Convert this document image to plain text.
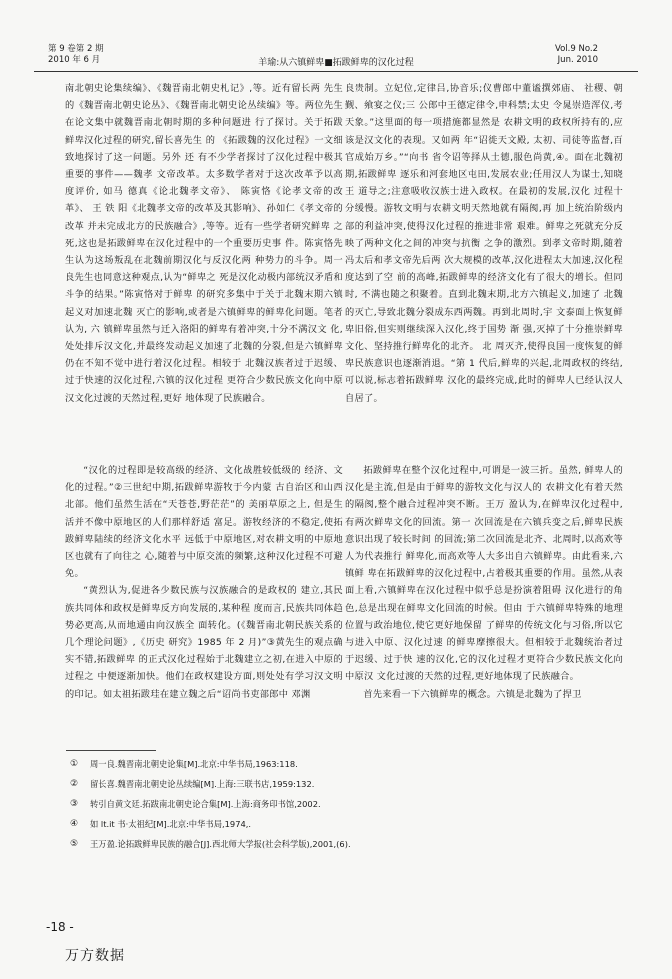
第 9 卷第 2 期
2010 年 6 月	羊瑜:从六镇鲜卑■拓跋鲜卑的汉化过程
Vol.9 No.2
Jun. 2010

南北朝史论集续编》、《魏晋南北朝史札记》,等。近有留长两 先生的《魏晋南北朝史论丛》、《魏晋南北朝史论丛续编》等。两位先生在论文集中就魏晋南北朝时期的多种问题进 行了探讨。关于拓跋鲜卑汉化过程的研究,留长喜先生 的 《拓跋魏的汉化过程》一文细致地探讨了这一问题。另外 还 有不少学者探讨了汉化过程中极其重要的事件——魏孝 文帝改革。太多数学者对于这次改革予以高度评价, 如马 德真《论北魏孝文帝》、 陈寅恪《论孝文帝的改革》、 王 铁 阳《北魏孝文帝的改革及其影响》、孙如仁《孝文帝的改革 并未完成北方的民族融合》,等等。近有一些学者研究鲜卑 之死,这也是拓跋鲜卑在汉化过程中的一个重要历史事 件。陈寅恪先生认为这场叛乱在北魏前期汉化与反汉化两 种势力的斗争。周一良先生也同意这种观点,认为“鲜卑之 死是汉化动极内部统汉矛盾和斗争的结果。”陈寅恪对于鲜卑 的研究多集中于关于北魏末期六镇起义对加速北魏 灭亡的影响,或者是六镇鲜卑的鲜卑化问题。笔者认为, 六 镇鲜卑虽然与迁入洛阳的鲜卑有着冲突,十分不满汉文 化, 处处排斥汉文化,并最终发动起义加速了北魏的分裂,但是六镇鲜卑仍在不知不觉中进行着汉化过程。相较于 北魏汉族者过于迟缓、过于快速的汉化过程,六镇的汉化过程 更符合少数民族文化向中原汉文化过渡的天然过程,更好 地体现了民族融合。

良贵制。立妃位,定律吕,协音乐;仪曹郎中董谧撰郊庙、 社稷、朝觐、飨宴之仪;三 公郎中王德定律令,申科禁;太史 令晁崇造浑仪,考天象。”这里面的每一项措施都显然是 农耕文明的政权所持有的,应该是汉文化的表现。又如两 年“诏徙天文殿, 太初、司徒等监督,百官成始万乡。”“向书 省令诏等择从土德,服色尚黄,④。面在北魏初期,拓跋鲜卑 逐乐和河套地区屯田,发展农业;任用汉人为谋士,知晓王 道导之;注意吸收汉族士进入政权。在最初的发展,汉化 过程十分缓慢。游牧文明与农耕文明天然地就有隔阂,再 加上统治阶级内部的利益冲突,使得汉化过程的推进非常 艰难。鲜卑之死就充分反映了两种文化之间的冲突与抗衡 之争的激烈。到孝文帝时期,随着冯太后和孝文帝先后两 次大规模的改革,汉化进程太大加速,汉化程度达到了空 前的高峰,拓跋鲜卑的经济文化有了很大的增长。但同时, 不满也随之积聚着。直到北魏末期,北方六镇起义,加速了 北魏的灭亡,导致北魏分裂成东西两魏。再到北周时,宇 文泰面上恢复鲜卑旧俗,但实则继续深入汉化,终于国势 渐 强,灭掉了十分推崇鲜卑文化、坚持推行鲜卑化的北齐。 北 周灭齐,使得良国一度恢复的鲜卑民族意识也逐渐消退。“第 1 代后,鲜卑的兴起,北周政权的终结,可以说,标志着拓跋鲜卑 汉化的最终完成,此时的鲜卑人已经认汉人自居了。

“汉化的过程即是较高级的经济、文化战胜较低级的 经济、文化的过程。”②三世纪中期,拓跋鲜卑游牧于今内蒙 古自治区和山西北部。他们虽然生活在“天苍苍,野茫茫”的 美丽草原之上, 但是生活并不像中原地区的人们那样舒适 富足。游牧经济的不稳定,使拓跋鲜卑陆续的经济文化水平 远低于中原地区,对农耕文明的中原地区也就有了向往之 心,随着与中原交流的频繁,这种汉化过程不可避免。

“黄烈认为,促进各少数民族与汉族融合的是政权的 建立,其民族共同体和政权是鲜卑反方向发展的,某种程 度而言,民族共同体趋势必更高,从而地通由向汉族全 面转化。(《魏晋南北朝民族关系的几个理论问题》,《历史 研究》1985 年 2 月)”③黄先生的观点确实不错,拓跋鲜卑 的正式汉化过程始于北魏建立之初,在进入中原的过程之 中便逐渐加快。他们在政权建设方面,则处处有学习汉文明 的印记。如太祖拓跋珪在建立魏之后“诏尚书吏部郎中 邓渊

拓跋鲜卑在整个汉化过程中,可谓是一波三折。虽然, 鲜卑人的汉化是主流,但是由于鲜卑的游牧文化与汉人的 农耕文化有着天然的隔阂,整个融合过程冲突不断。王万 盈认为,在鲜卑汉化过程中,有两次鲜卑文化的回流。第一 次回流是在六镇兵变之后,鲜卑民族意识出现了较长时间 的回流;第二次回流是北齐、北周时,以高欢等人为代表推行 鲜卑化,而高欢等人大多出自六镇鲜卑。由此看来,六镇鲜 卑在拓跋鲜卑的汉化过程中,占着极其重要的作用。虽然,从表面上看,六镇鲜卑在汉化过程中似乎总是扮演着阻碍 汉化进行的角色,总是出现在鲜卑文化回流的时候。但由 于六镇鲜卑特殊的地理位置与政治地位,使它更好地保留 了鲜卑的传统文化与习俗,所以它与进入中原、汉化过速 的鲜卑摩擦很大。但相较于北魏统治者过于迟缓、过于快 速的汉化,它的汉化过程才更符合少数民族文化向中原汉 文化过渡的天然的过程,更好地体现了民族融合。

首先来看一下六镇鲜卑的概念。六镇是北魏为了捍卫

①	周一良.魏晋南北朝史论集[M].北京:中华书局,1963:118.
②	留长喜.魏晋南北朝史论丛续编[M].上海:三联书店,1959:132.
③	转引自黄文廷.拓跋南北朝史论合集[M].上海:商务印书馆,2002.
④	如 lt.it 书·太祖纪[M].北京:中华书局,1974,.
⑤	王万盈.论拓跋鲜卑民族的融合[J].西北师大学报(社会科学版),2001,(6).
-18 -
万方数据
